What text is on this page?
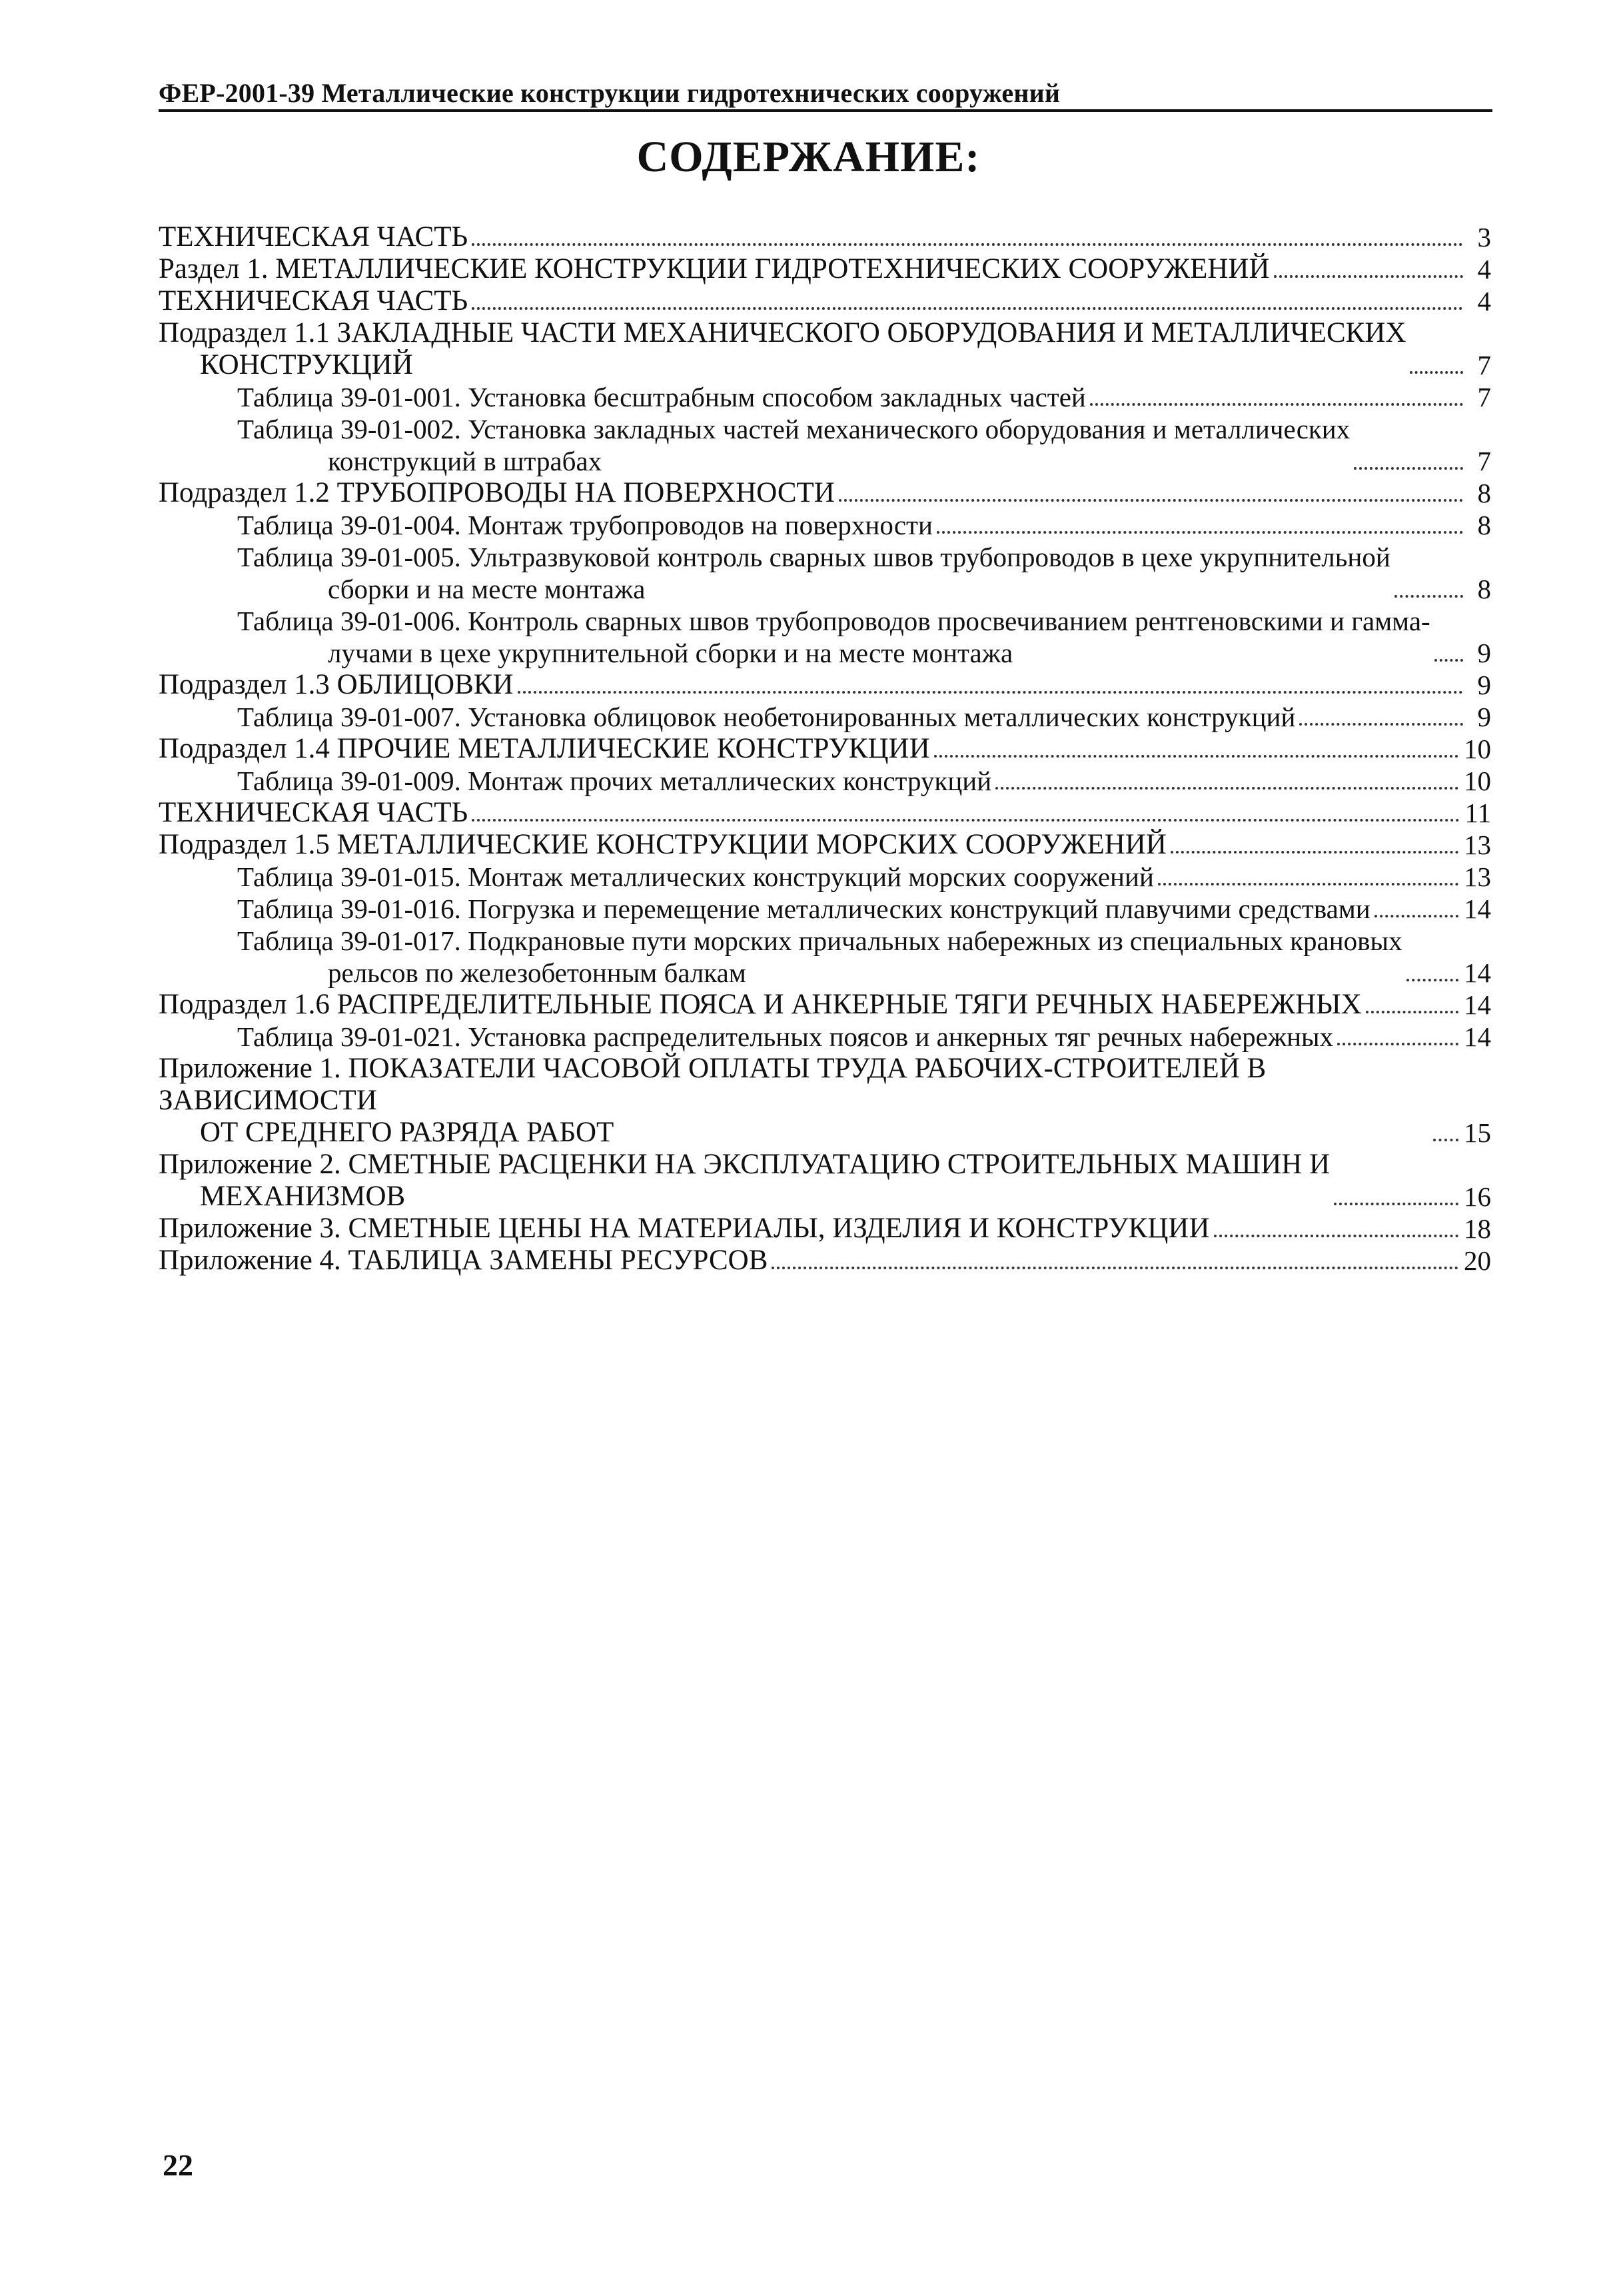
ФЕР-2001-39 Металлические конструкции гидротехнических сооружений
СОДЕРЖАНИЕ:
ТЕХНИЧЕСКАЯ ЧАСТЬ	3
Раздел 1. МЕТАЛЛИЧЕСКИЕ КОНСТРУКЦИИ ГИДРОТЕХНИЧЕСКИХ СООРУЖЕНИЙ	4
ТЕХНИЧЕСКАЯ ЧАСТЬ	4
Подраздел 1.1 ЗАКЛАДНЫЕ ЧАСТИ МЕХАНИЧЕСКОГО ОБОРУДОВАНИЯ И МЕТАЛЛИЧЕСКИХ
КОНСТРУКЦИЙ	7
Таблица 39-01-001. Установка бесштрабным способом закладных частей	7
Таблица 39-01-002. Установка закладных частей механического оборудования и металлических
конструкций в штрабах	7
Подраздел 1.2 ТРУБОПРОВОДЫ НА ПОВЕРХНОСТИ	8
Таблица 39-01-004. Монтаж трубопроводов на поверхности	8
Таблица 39-01-005. Ультразвуковой контроль сварных швов трубопроводов в цехе укрупнительной
сборки и на месте монтажа	8
Таблица 39-01-006. Контроль сварных швов трубопроводов просвечиванием рентгеновскими и гамма-
лучами в цехе укрупнительной сборки и на месте монтажа	9
Подраздел 1.3 ОБЛИЦОВКИ	9
Таблица 39-01-007. Установка облицовок необетонированных металлических конструкций	9
Подраздел 1.4 ПРОЧИЕ МЕТАЛЛИЧЕСКИЕ КОНСТРУКЦИИ	10
Таблица 39-01-009. Монтаж прочих металлических конструкций	10
ТЕХНИЧЕСКАЯ ЧАСТЬ	11
Подраздел 1.5 МЕТАЛЛИЧЕСКИЕ КОНСТРУКЦИИ МОРСКИХ СООРУЖЕНИЙ	13
Таблица 39-01-015. Монтаж металлических конструкций морских сооружений	13
Таблица 39-01-016. Погрузка и перемещение металлических конструкций плавучими средствами	14
Таблица 39-01-017. Подкрановые пути морских причальных набережных из специальных крановых
рельсов по железобетонным балкам	14
Подраздел 1.6 РАСПРЕДЕЛИТЕЛЬНЫЕ ПОЯСА И АНКЕРНЫЕ ТЯГИ РЕЧНЫХ НАБЕРЕЖНЫХ	14
Таблица 39-01-021. Установка распределительных поясов и анкерных тяг речных набережных	14
Приложение 1. ПОКАЗАТЕЛИ ЧАСОВОЙ ОПЛАТЫ ТРУДА РАБОЧИХ-СТРОИТЕЛЕЙ В ЗАВИСИМОСТИ
ОТ СРЕДНЕГО РАЗРЯДА РАБОТ	15
Приложение 2. СМЕТНЫЕ РАСЦЕНКИ НА ЭКСПЛУАТАЦИЮ СТРОИТЕЛЬНЫХ МАШИН И
МЕХАНИЗМОВ	16
Приложение 3. СМЕТНЫЕ ЦЕНЫ НА МАТЕРИАЛЫ, ИЗДЕЛИЯ И КОНСТРУКЦИИ	18
Приложение 4. ТАБЛИЦА ЗАМЕНЫ РЕСУРСОВ	20
22
